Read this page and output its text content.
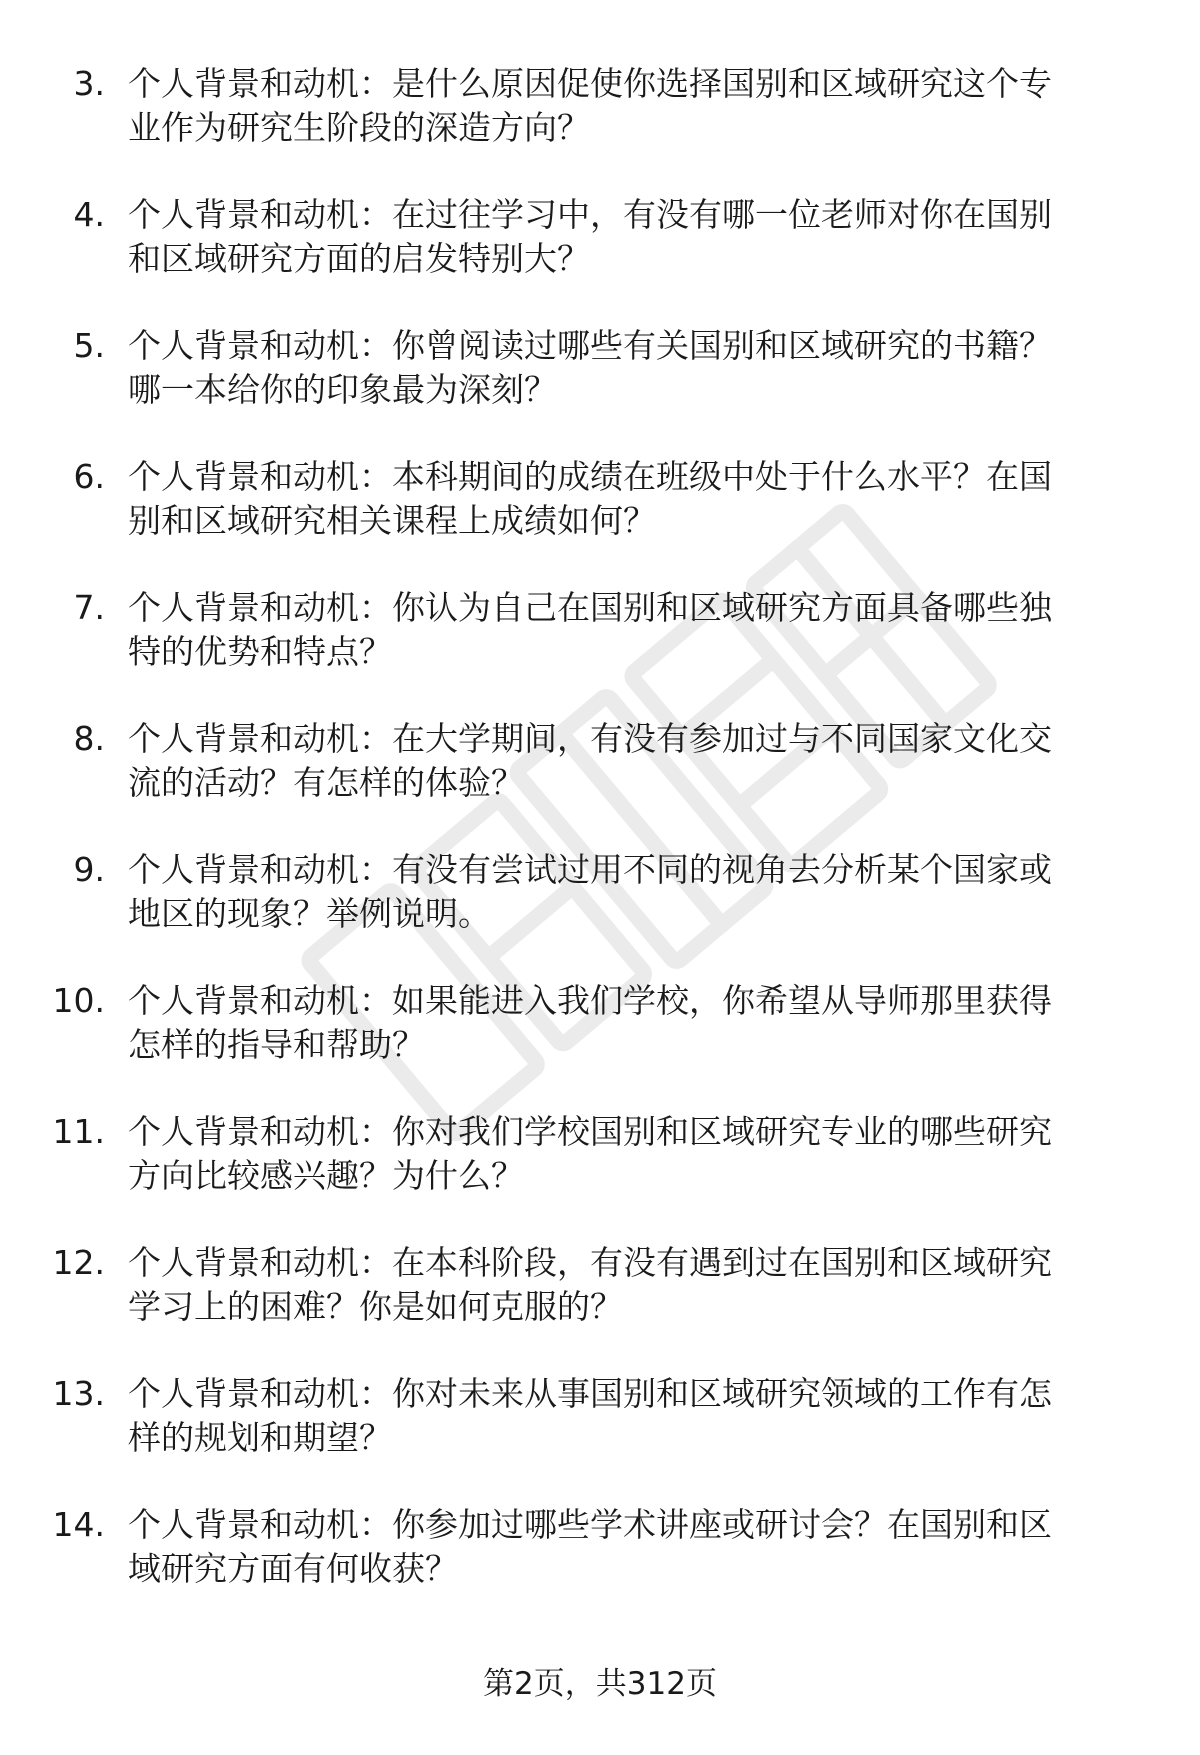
3. 个人背景和动机：是什么原因促使你选择国别和区域研究这个专
业作为研究生阶段的深造方向？
4. 个人背景和动机：在过往学习中，有没有哪一位老师对你在国别
和区域研究方面的启发特别大？
5. 个人背景和动机：你曾阅读过哪些有关国别和区域研究的书籍？
哪一本给你的印象最为深刻？
6. 个人背景和动机：本科期间的成绩在班级中处于什么水平？在国
别和区域研究相关课程上成绩如何？
7. 个人背景和动机：你认为自己在国别和区域研究方面具备哪些独
特的优势和特点？
8. 个人背景和动机：在大学期间，有没有参加过与不同国家文化交
流的活动？有怎样的体验？
9. 个人背景和动机：有没有尝试过用不同的视角去分析某个国家或
地区的现象？举例说明。
10. 个人背景和动机：如果能进入我们学校，你希望从导师那里获得
怎样的指导和帮助？
11. 个人背景和动机：你对我们学校国别和区域研究专业的哪些研究
方向比较感兴趣？为什么？
12. 个人背景和动机：在本科阶段，有没有遇到过在国别和区域研究
学习上的困难？你是如何克服的？
13. 个人背景和动机：你对未来从事国别和区域研究领域的工作有怎
样的规划和期望？
14. 个人背景和动机：你参加过哪些学术讲座或研讨会？在国别和区
域研究方面有何收获？
第2页，共312页
